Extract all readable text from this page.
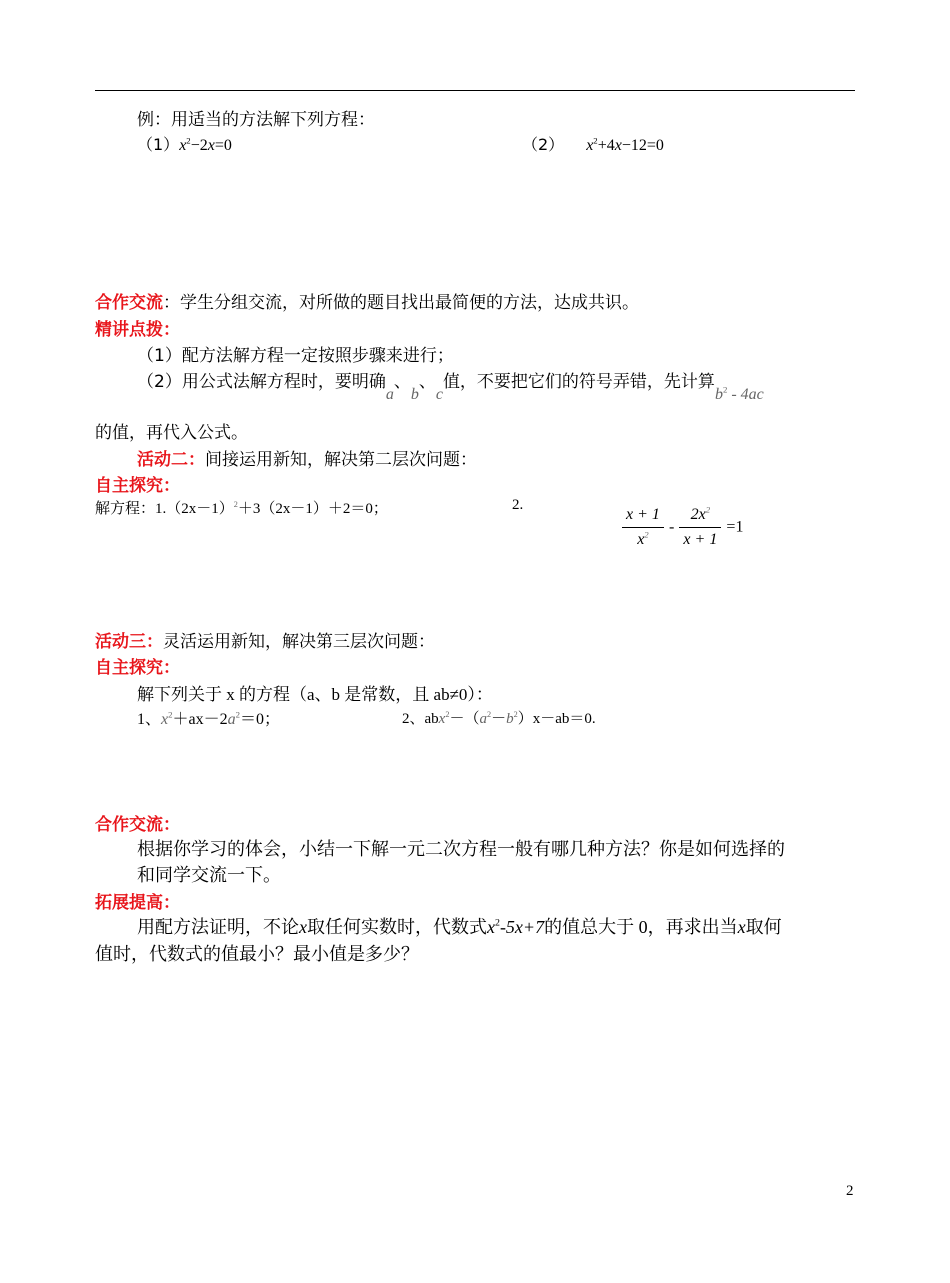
例：用适当的方法解下列方程：
$(1)x^2-2x=0$	（2） $x^2+4x-12=0$
合作交流：学生分组交流，对所做的题目找出最简便的方法，达成共识。
精讲点拨：
（1）配方法解方程一定按照步骤来进行；
（2）用公式法解方程时，要明确a、b、c值，不要把它们的符号弄错，先计算$b^2 - 4ac$
的值，再代入公式。
活动二：间接运用新知，解决第二层次问题：
自主探究：
解方程：$1.(2x-1)^2+3(2x-1)+2=0$；	2.	$\frac{x + 1}{x^2} - \frac{2x^2}{x + 1} =1$
活动三：灵活运用新知，解决第三层次问题：
自主探究：
解下列关于 x 的方程（a、b 是常数，且 ab≠0）：
1、$x^2+ax-2a^2=0$；	2、$abx^2-(a^2-b^2)x-ab=0$.
合作交流：
根据你学习的体会，小结一下解一元二次方程一般有哪几种方法？你是如何选择的
和同学交流一下。
拓展提高：
用配方法证明，不论x取任何实数时，代数式$x^2-5x+7$的值总大于 0，再求出当x取何
值时，代数式的值最小？最小值是多少？
2
